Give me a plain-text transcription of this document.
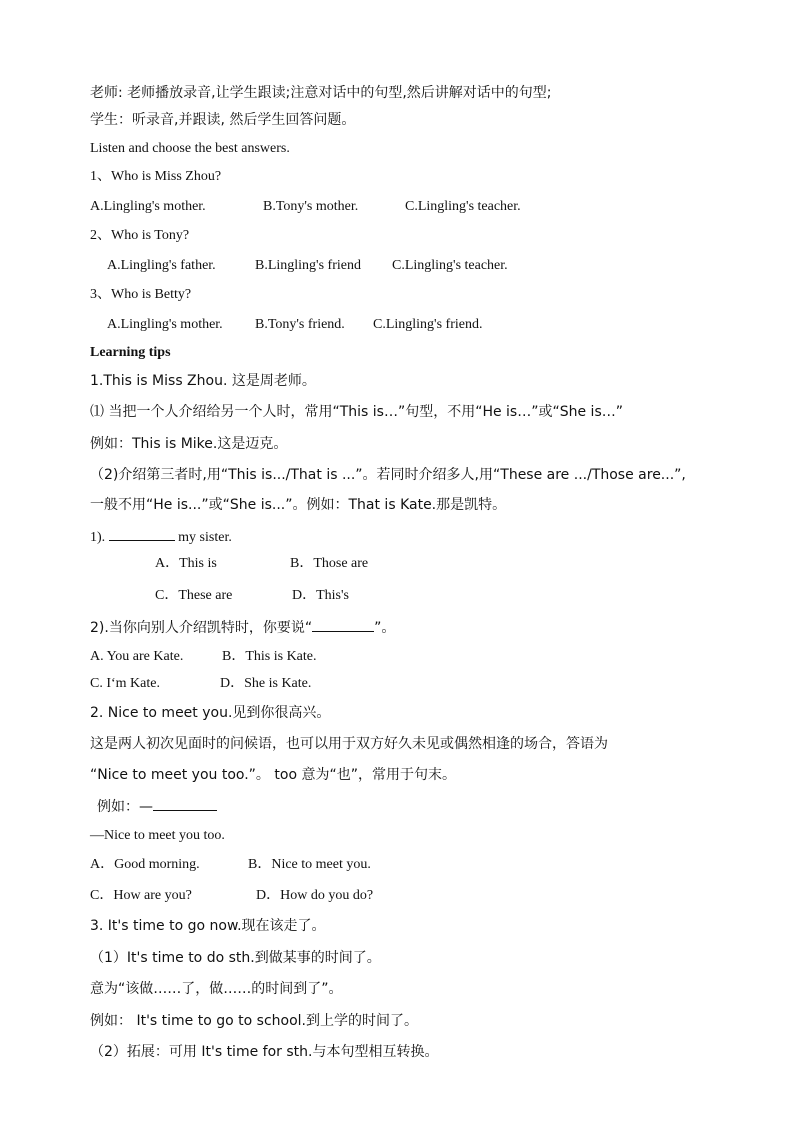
老师: 老师播放录音,让学生跟读;注意对话中的句型,然后讲解对话中的句型;
学生：听录音,并跟读, 然后学生回答问题。
Listen and choose the best answers.
1、Who is Miss Zhou?
A.Lingling's mother.	B.Tony's mother.	C.Lingling's teacher.
2、Who is Tony?
A.Lingling's father.	B.Lingling's friend C.Lingling's teacher.
3、Who is Betty?
A.Lingling's mother. B.Tony's friend. C.Lingling's friend.
Learning tips
1.This is Miss Zhou. 这是周老师。
⑴ 当把一个人介绍给另一个人时，常用“This is…”句型，不用“He is…”或“She is…”
例如：This is Mike.这是迈克。
（2)介绍第三者时,用“This is.../That is ...”。若同时介绍多人,用“These are .../Those are...”,
一般不用“He is...”或“She is...”。例如：That is Kate.那是凯特。
1).	my sister.
A．This is	B．Those are
C．These are	D．This's
2).当你向别人介绍凯特时，你要说“	”。
A. You are Kate.	B．This is Kate.
C. I‘m Kate.	D．She is Kate.
2. Nice to meet you.见到你很高兴。
这是两人初次见面时的问候语，也可以用于双方好久未见或偶然相逢的场合，答语为
“Nice to meet you too.”。 too 意为“也”，常用于句末。
例如：—
—Nice to meet you too.
A．Good morning.	B．Nice to meet you.
C．How are you?	D．How do you do?
3. It's time to go now.现在该走了。
（1）It's time to do sth.到做某事的时间了。
意为“该做……了，做……的时间到了”。
例如： It's time to go to school.到上学的时间了。
（2）拓展：可用 It's time for sth.与本句型相互转换。
